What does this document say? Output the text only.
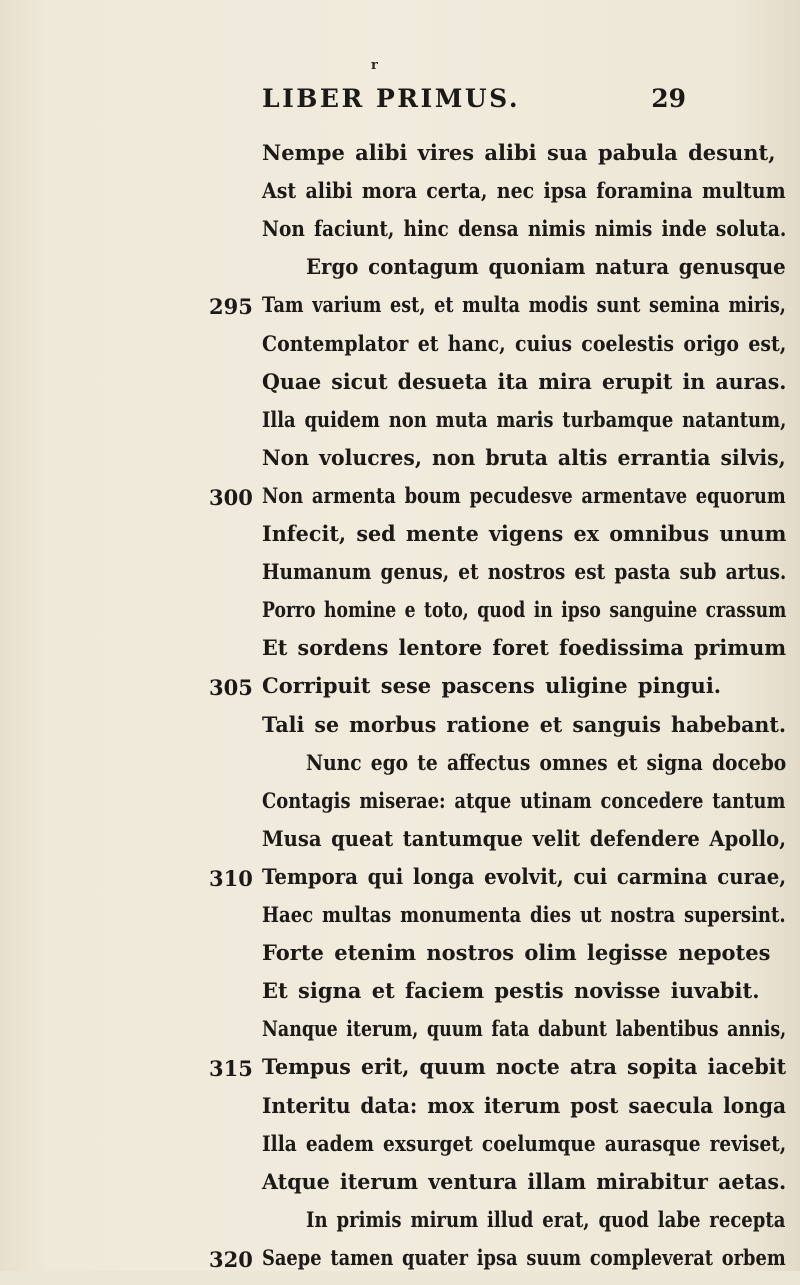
r
LIBER PRIMUS.	29
Nempe alibi vires alibi sua pabula desunt,
Ast alibi mora certa, nec ipsa foramina multum
Non faciunt, hinc densa nimis nimis inde soluta.
Ergo contagum quoniam natura genusque
295 Tam varium est, et multa modis sunt semina miris,
Contemplator et hanc, cuius coelestis origo est,
Quae sicut desueta ita mira erupit in auras.
Illa quidem non muta maris turbamque natantum,
Non volucres, non bruta altis errantia silvis,
300 Non armenta boum pecudesve armentave equorum
Infecit, sed mente vigens ex omnibus unum
Humanum genus, et nostros est pasta sub artus.
Porro homine e toto, quod in ipso sanguine crassum
Et sordens lentore foret foedissima primum
305 Corripuit sese pascens uligine pingui.
Tali se morbus ratione et sanguis habebant.
Nunc ego te affectus omnes et signa docebo
Contagis miserae: atque utinam concedere tantum
Musa queat tantumque velit defendere Apollo,
310 Tempora qui longa evolvit, cui carmina curae,
Haec multas monumenta dies ut nostra supersint.
Forte etenim nostros olim legisse nepotes
Et signa et faciem pestis novisse iuvabit.
Nanque iterum, quum fata dabunt labentibus annis,
315 Tempus erit, quum nocte atra sopita iacebit
Interitu data: mox iterum post saecula longa
Illa eadem exsurget coelumque aurasque reviset,
Atque iterum ventura illam mirabitur aetas.
In primis mirum illud erat, quod labe recepta
320 Saepe tamen quater ipsa suum compleverat orbem
